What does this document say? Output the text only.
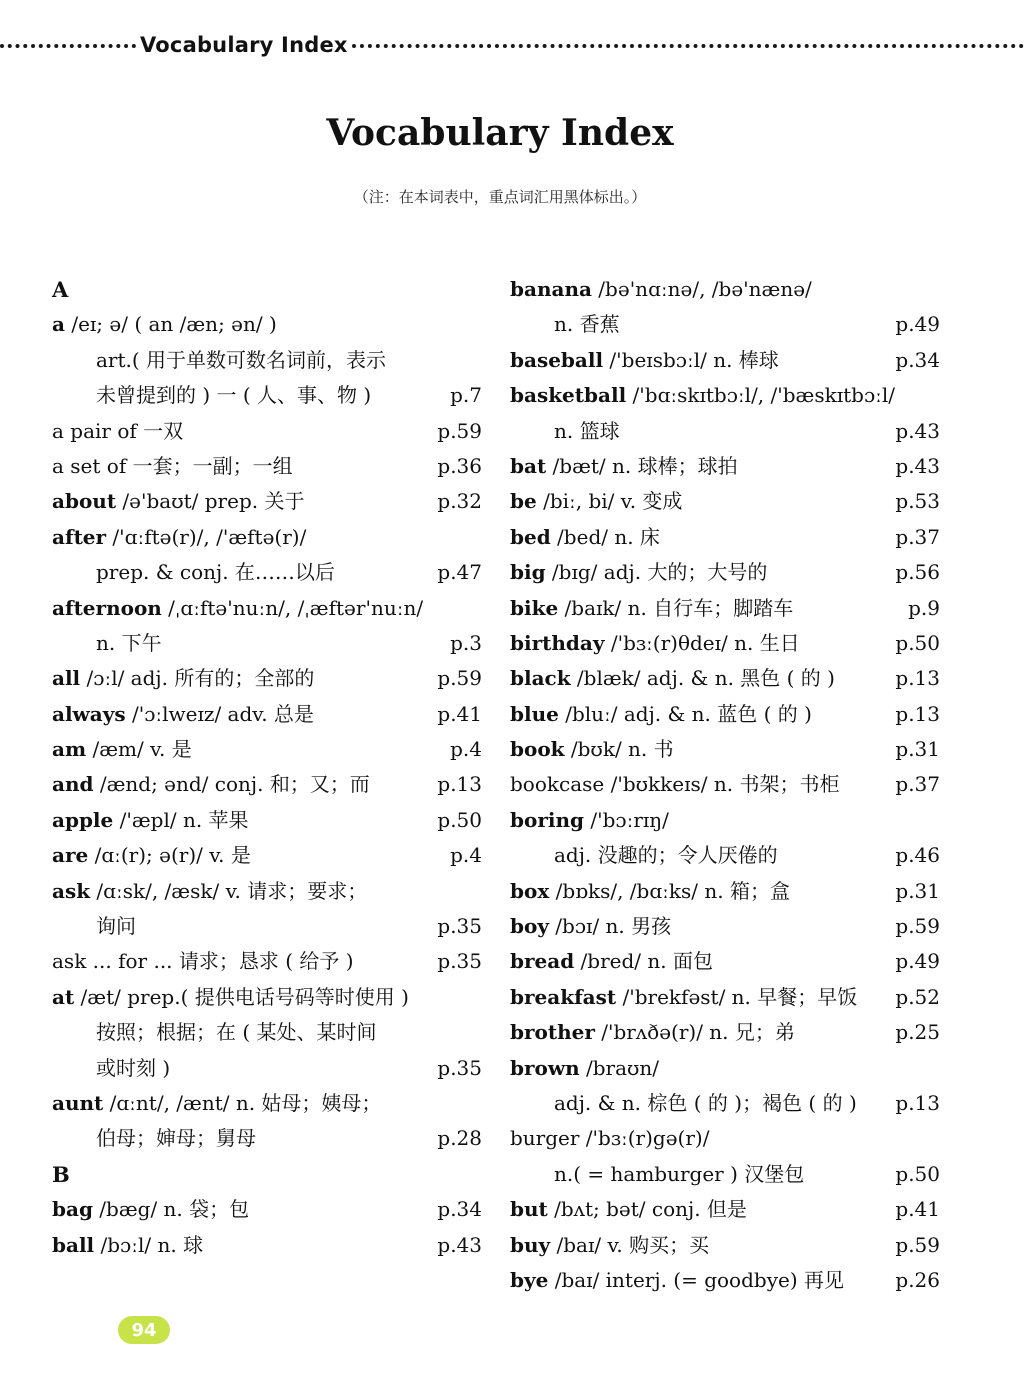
Vocabulary Index
Vocabulary Index
（注：在本词表中，重点词汇用黑体标出。）
A
a /eɪ; ə/ ( an /æn; ən/ )
art.( 用于单数可数名词前，表示
未曾提到的 ) 一 ( 人、事、物 )	p.7
a pair of 一双	p.59
a set of 一套；一副；一组	p.36
about /ə'baʊt/ prep. 关于	p.32
after /'ɑːftə(r)/, /'æftə(r)/
prep. & conj. 在……以后	p.47
afternoon /ˌɑːftə'nuːn/, /ˌæftər'nuːn/
n. 下午	p.3
all /ɔːl/ adj. 所有的；全部的	p.59
always /'ɔːlweɪz/ adv. 总是	p.41
am /æm/ v. 是	p.4
and /ænd; ənd/ conj. 和；又；而	p.13
apple /'æpl/ n. 苹果	p.50
are /ɑː(r); ə(r)/ v. 是	p.4
ask /ɑːsk/, /æsk/ v. 请求；要求；
询问	p.35
ask ... for ... 请求；恳求 ( 给予 )	p.35
at /æt/ prep.( 提供电话号码等时使用 )
按照；根据；在 ( 某处、某时间
或时刻 )	p.35
aunt /ɑːnt/, /ænt/ n. 姑母；姨母；
伯母；婶母；舅母	p.28
B
bag /bæg/ n. 袋；包	p.34
ball /bɔːl/ n. 球	p.43
banana /bə'nɑːnə/, /bə'nænə/
n. 香蕉	p.49
baseball /'beɪsbɔːl/ n. 棒球	p.34
basketball /'bɑːskɪtbɔːl/, /'bæskɪtbɔːl/
n. 篮球	p.43
bat /bæt/ n. 球棒；球拍	p.43
be /biː, bi/ v. 变成	p.53
bed /bed/ n. 床	p.37
big /bɪg/ adj. 大的；大号的	p.56
bike /baɪk/ n. 自行车；脚踏车	p.9
birthday /'bɜː(r)θdeɪ/ n. 生日	p.50
black /blæk/ adj. & n. 黑色 ( 的 )	p.13
blue /bluː/ adj. & n. 蓝色 ( 的 )	p.13
book /bʊk/ n. 书	p.31
bookcase /'bʊkkeɪs/ n. 书架；书柜	p.37
boring /'bɔːrɪŋ/
adj. 没趣的；令人厌倦的	p.46
box /bɒks/, /bɑːks/ n. 箱；盒	p.31
boy /bɔɪ/ n. 男孩	p.59
bread /bred/ n. 面包	p.49
breakfast /'brekfəst/ n. 早餐；早饭	p.52
brother /'brʌðə(r)/ n. 兄；弟	p.25
brown /braʊn/
adj. & n. 棕色 ( 的 )；褐色 ( 的 )	p.13
burger /'bɜː(r)gə(r)/
n.( = hamburger ) 汉堡包	p.50
but /bʌt; bət/ conj. 但是	p.41
buy /baɪ/ v. 购买；买	p.59
bye /baɪ/ interj. (= goodbye) 再见	p.26
94
